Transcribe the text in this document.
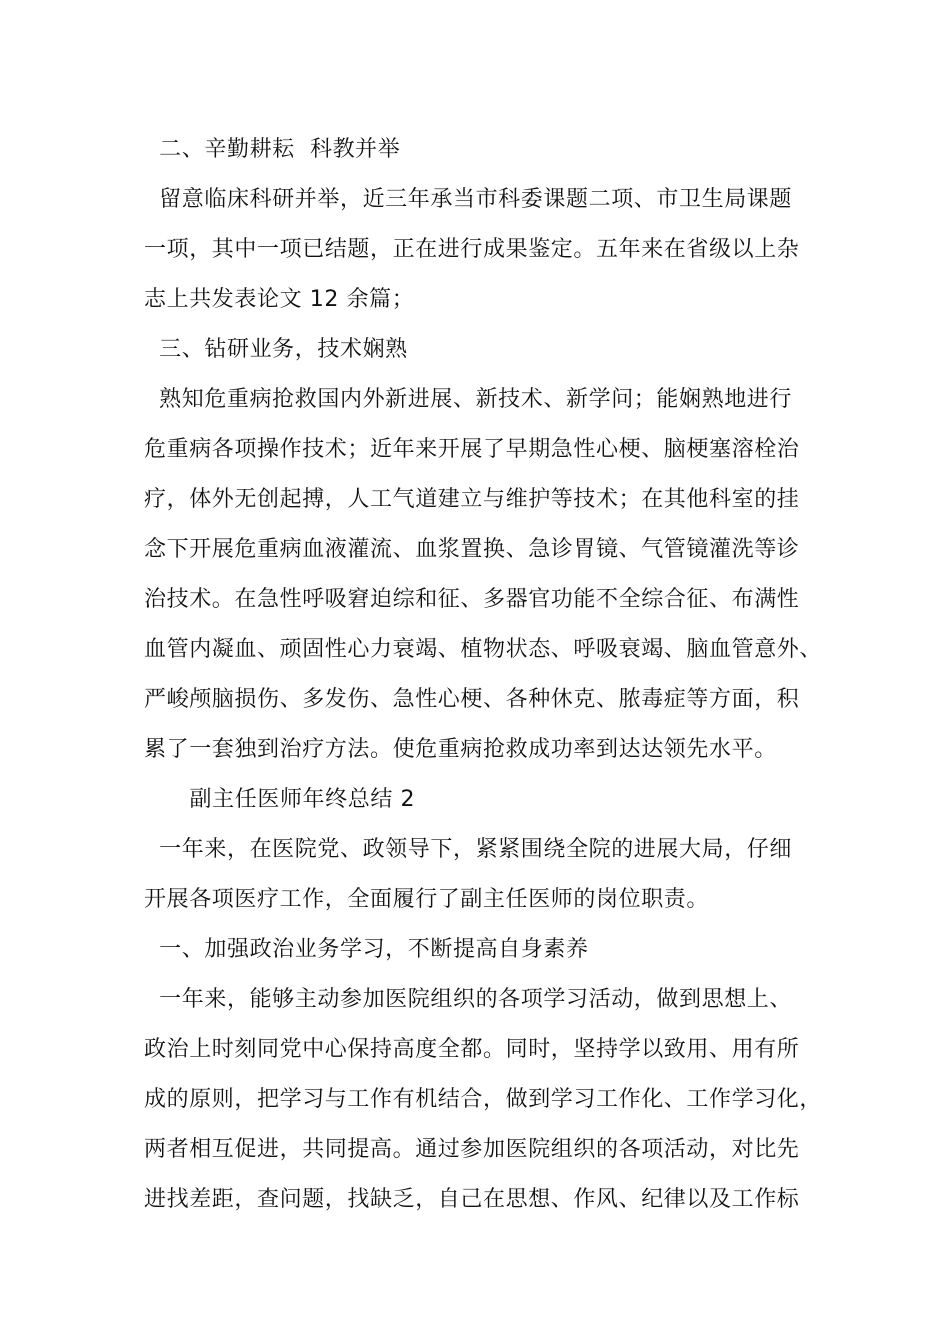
二、辛勤耕耘  科教并举
留意临床科研并举，近三年承当市科委课题二项、市卫生局课题
一项，其中一项已结题，正在进行成果鉴定。五年来在省级以上杂
志上共发表论文 12 余篇；
三、钻研业务，技术娴熟
熟知危重病抢救国内外新进展、新技术、新学问；能娴熟地进行
危重病各项操作技术；近年来开展了早期急性心梗、脑梗塞溶栓治
疗，体外无创起搏，人工气道建立与维护等技术；在其他科室的挂
念下开展危重病血液灌流、血浆置换、急诊胃镜、气管镜灌洗等诊
治技术。在急性呼吸窘迫综和征、多器官功能不全综合征、布满性
血管内凝血、顽固性心力衰竭、植物状态、呼吸衰竭、脑血管意外、
严峻颅脑损伤、多发伤、急性心梗、各种休克、脓毒症等方面，积
累了一套独到治疗方法。使危重病抢救成功率到达达领先水平。
副主任医师年终总结 2
一年来，在医院党、政领导下，紧紧围绕全院的进展大局，仔细
开展各项医疗工作，全面履行了副主任医师的岗位职责。
一、加强政治业务学习，不断提高自身素养
一年来，能够主动参加医院组织的各项学习活动，做到思想上、
政治上时刻同党中心保持高度全都。同时，坚持学以致用、用有所
成的原则，把学习与工作有机结合，做到学习工作化、工作学习化，
两者相互促进，共同提高。通过参加医院组织的各项活动，对比先
进找差距，查问题，找缺乏，自己在思想、作风、纪律以及工作标
